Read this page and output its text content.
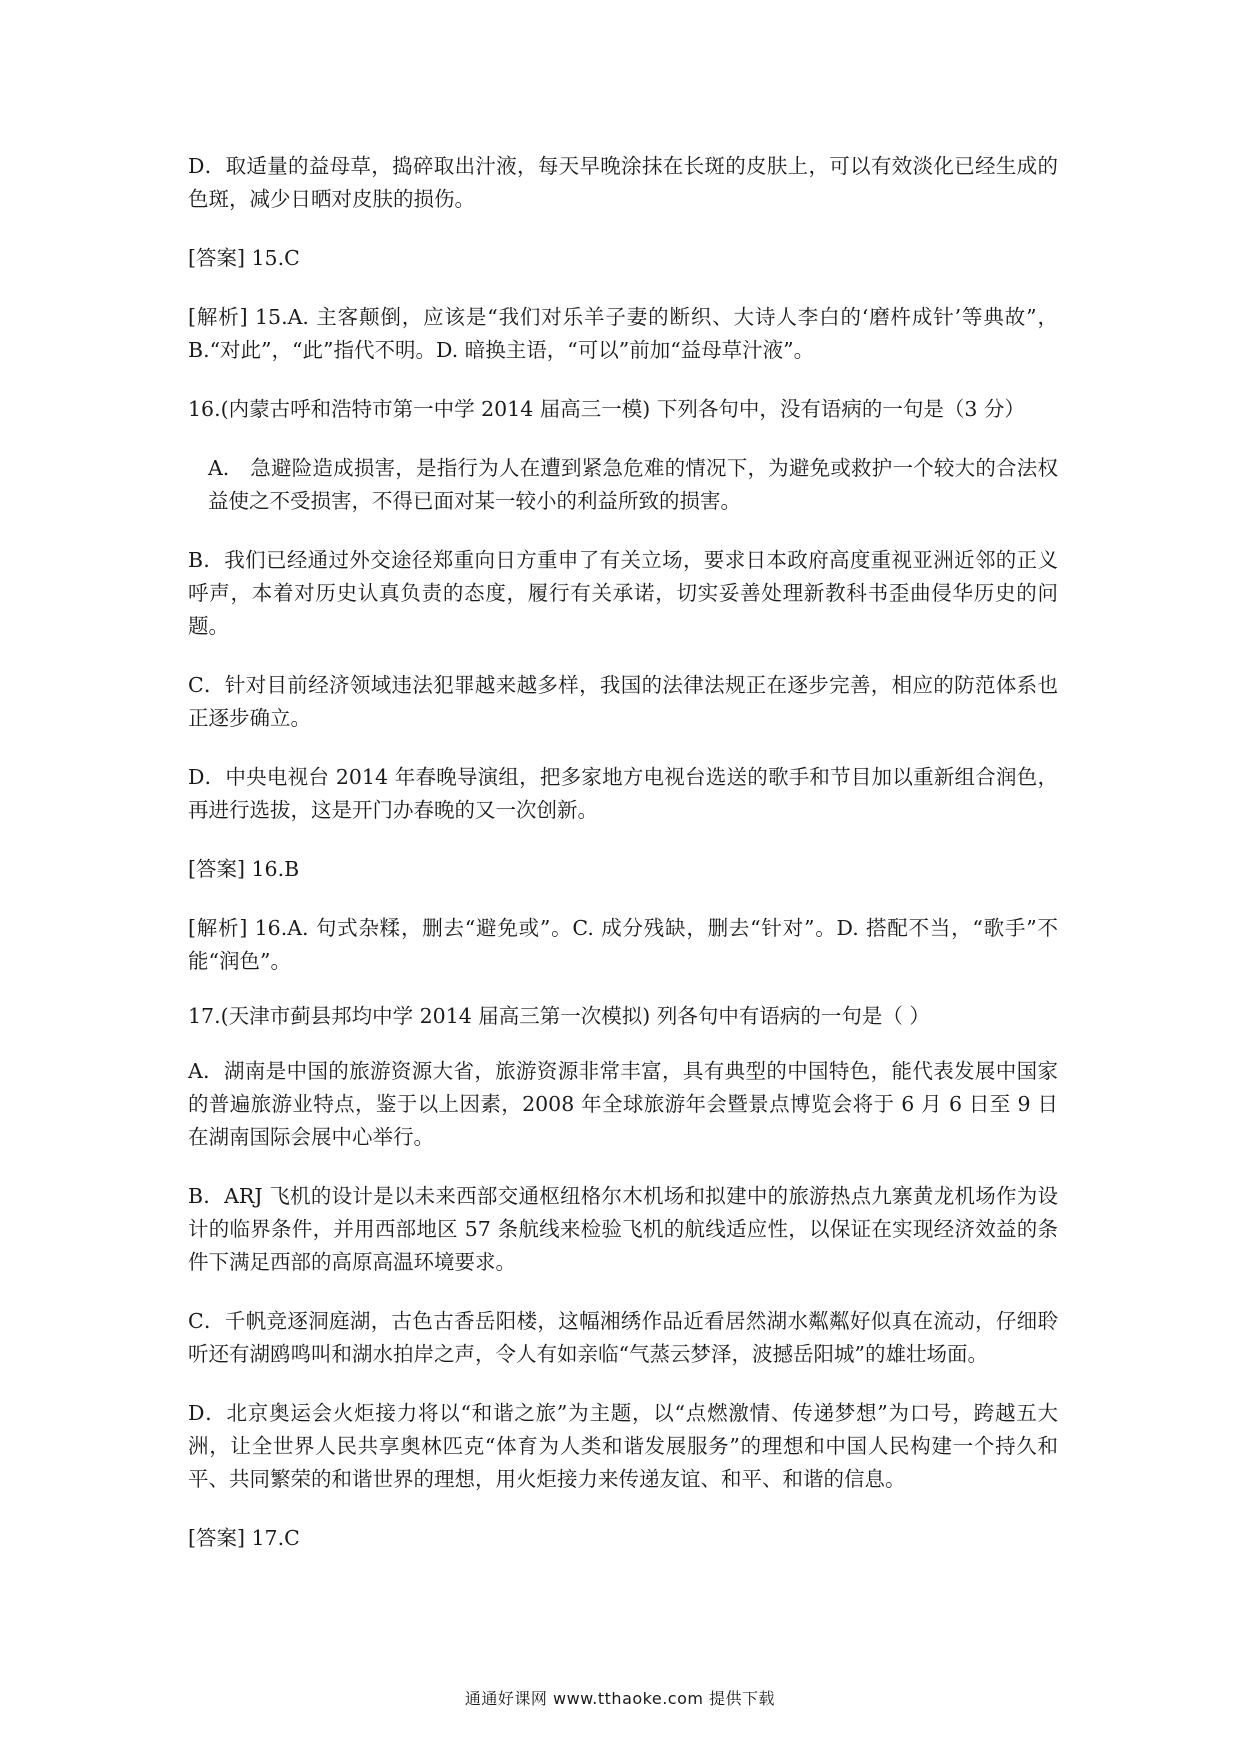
D．取适量的益母草，捣碎取出汁液，每天早晚涂抹在长斑的皮肤上，可以有效淡化已经生成的色斑，减少日晒对皮肤的损伤。

[答案] 15.C

[解析] 15.A. 主客颠倒，应该是“我们对乐羊子妻的断织、大诗人李白的‘磨杵成针’等典故”，B.“对此”，“此”指代不明。D. 暗换主语，“可以”前加“益母草汁液”。

16.(内蒙古呼和浩特市第一中学 2014 届高三一模) 下列各句中，没有语病的一句是（3 分）

A.　急避险造成损害，是指行为人在遭到紧急危难的情况下，为避免或救护一个较大的合法权益使之不受损害，不得已面对某一较小的利益所致的损害。

B．我们已经通过外交途径郑重向日方重申了有关立场，要求日本政府高度重视亚洲近邻的正义呼声，本着对历史认真负责的态度，履行有关承诺，切实妥善处理新教科书歪曲侵华历史的问题。

C．针对目前经济领域违法犯罪越来越多样，我国的法律法规正在逐步完善，相应的防范体系也正逐步确立。

D．中央电视台 2014 年春晚导演组，把多家地方电视台选送的歌手和节目加以重新组合润色，再进行选拔，这是开门办春晚的又一次创新。

[答案] 16.B

[解析] 16.A. 句式杂糅，删去“避免或”。C. 成分残缺，删去“针对”。D. 搭配不当，“歌手”不能“润色”。

17.(天津市蓟县邦均中学 2014 届高三第一次模拟) 列各句中有语病的一句是（ ）

A．湖南是中国的旅游资源大省，旅游资源非常丰富，具有典型的中国特色，能代表发展中国家的普遍旅游业特点，鉴于以上因素，2008 年全球旅游年会暨景点博览会将于 6 月 6 日至 9 日在湖南国际会展中心举行。

B．ARJ 飞机的设计是以未来西部交通枢纽格尔木机场和拟建中的旅游热点九寨黄龙机场作为设计的临界条件，并用西部地区 57 条航线来检验飞机的航线适应性，以保证在实现经济效益的条件下满足西部的高原高温环境要求。

C．千帆竞逐洞庭湖，古色古香岳阳楼，这幅湘绣作品近看居然湖水粼粼好似真在流动，仔细聆听还有湖鸥鸣叫和湖水拍岸之声，令人有如亲临“气蒸云梦泽，波撼岳阳城”的雄壮场面。

D．北京奥运会火炬接力将以“和谐之旅”为主题，以“点燃激情、传递梦想”为口号，跨越五大洲，让全世界人民共享奥林匹克“体育为人类和谐发展服务”的理想和中国人民构建一个持久和平、共同繁荣的和谐世界的理想，用火炬接力来传递友谊、和平、和谐的信息。

[答案] 17.C

通通好课网 www.tthaoke.com 提供下载
